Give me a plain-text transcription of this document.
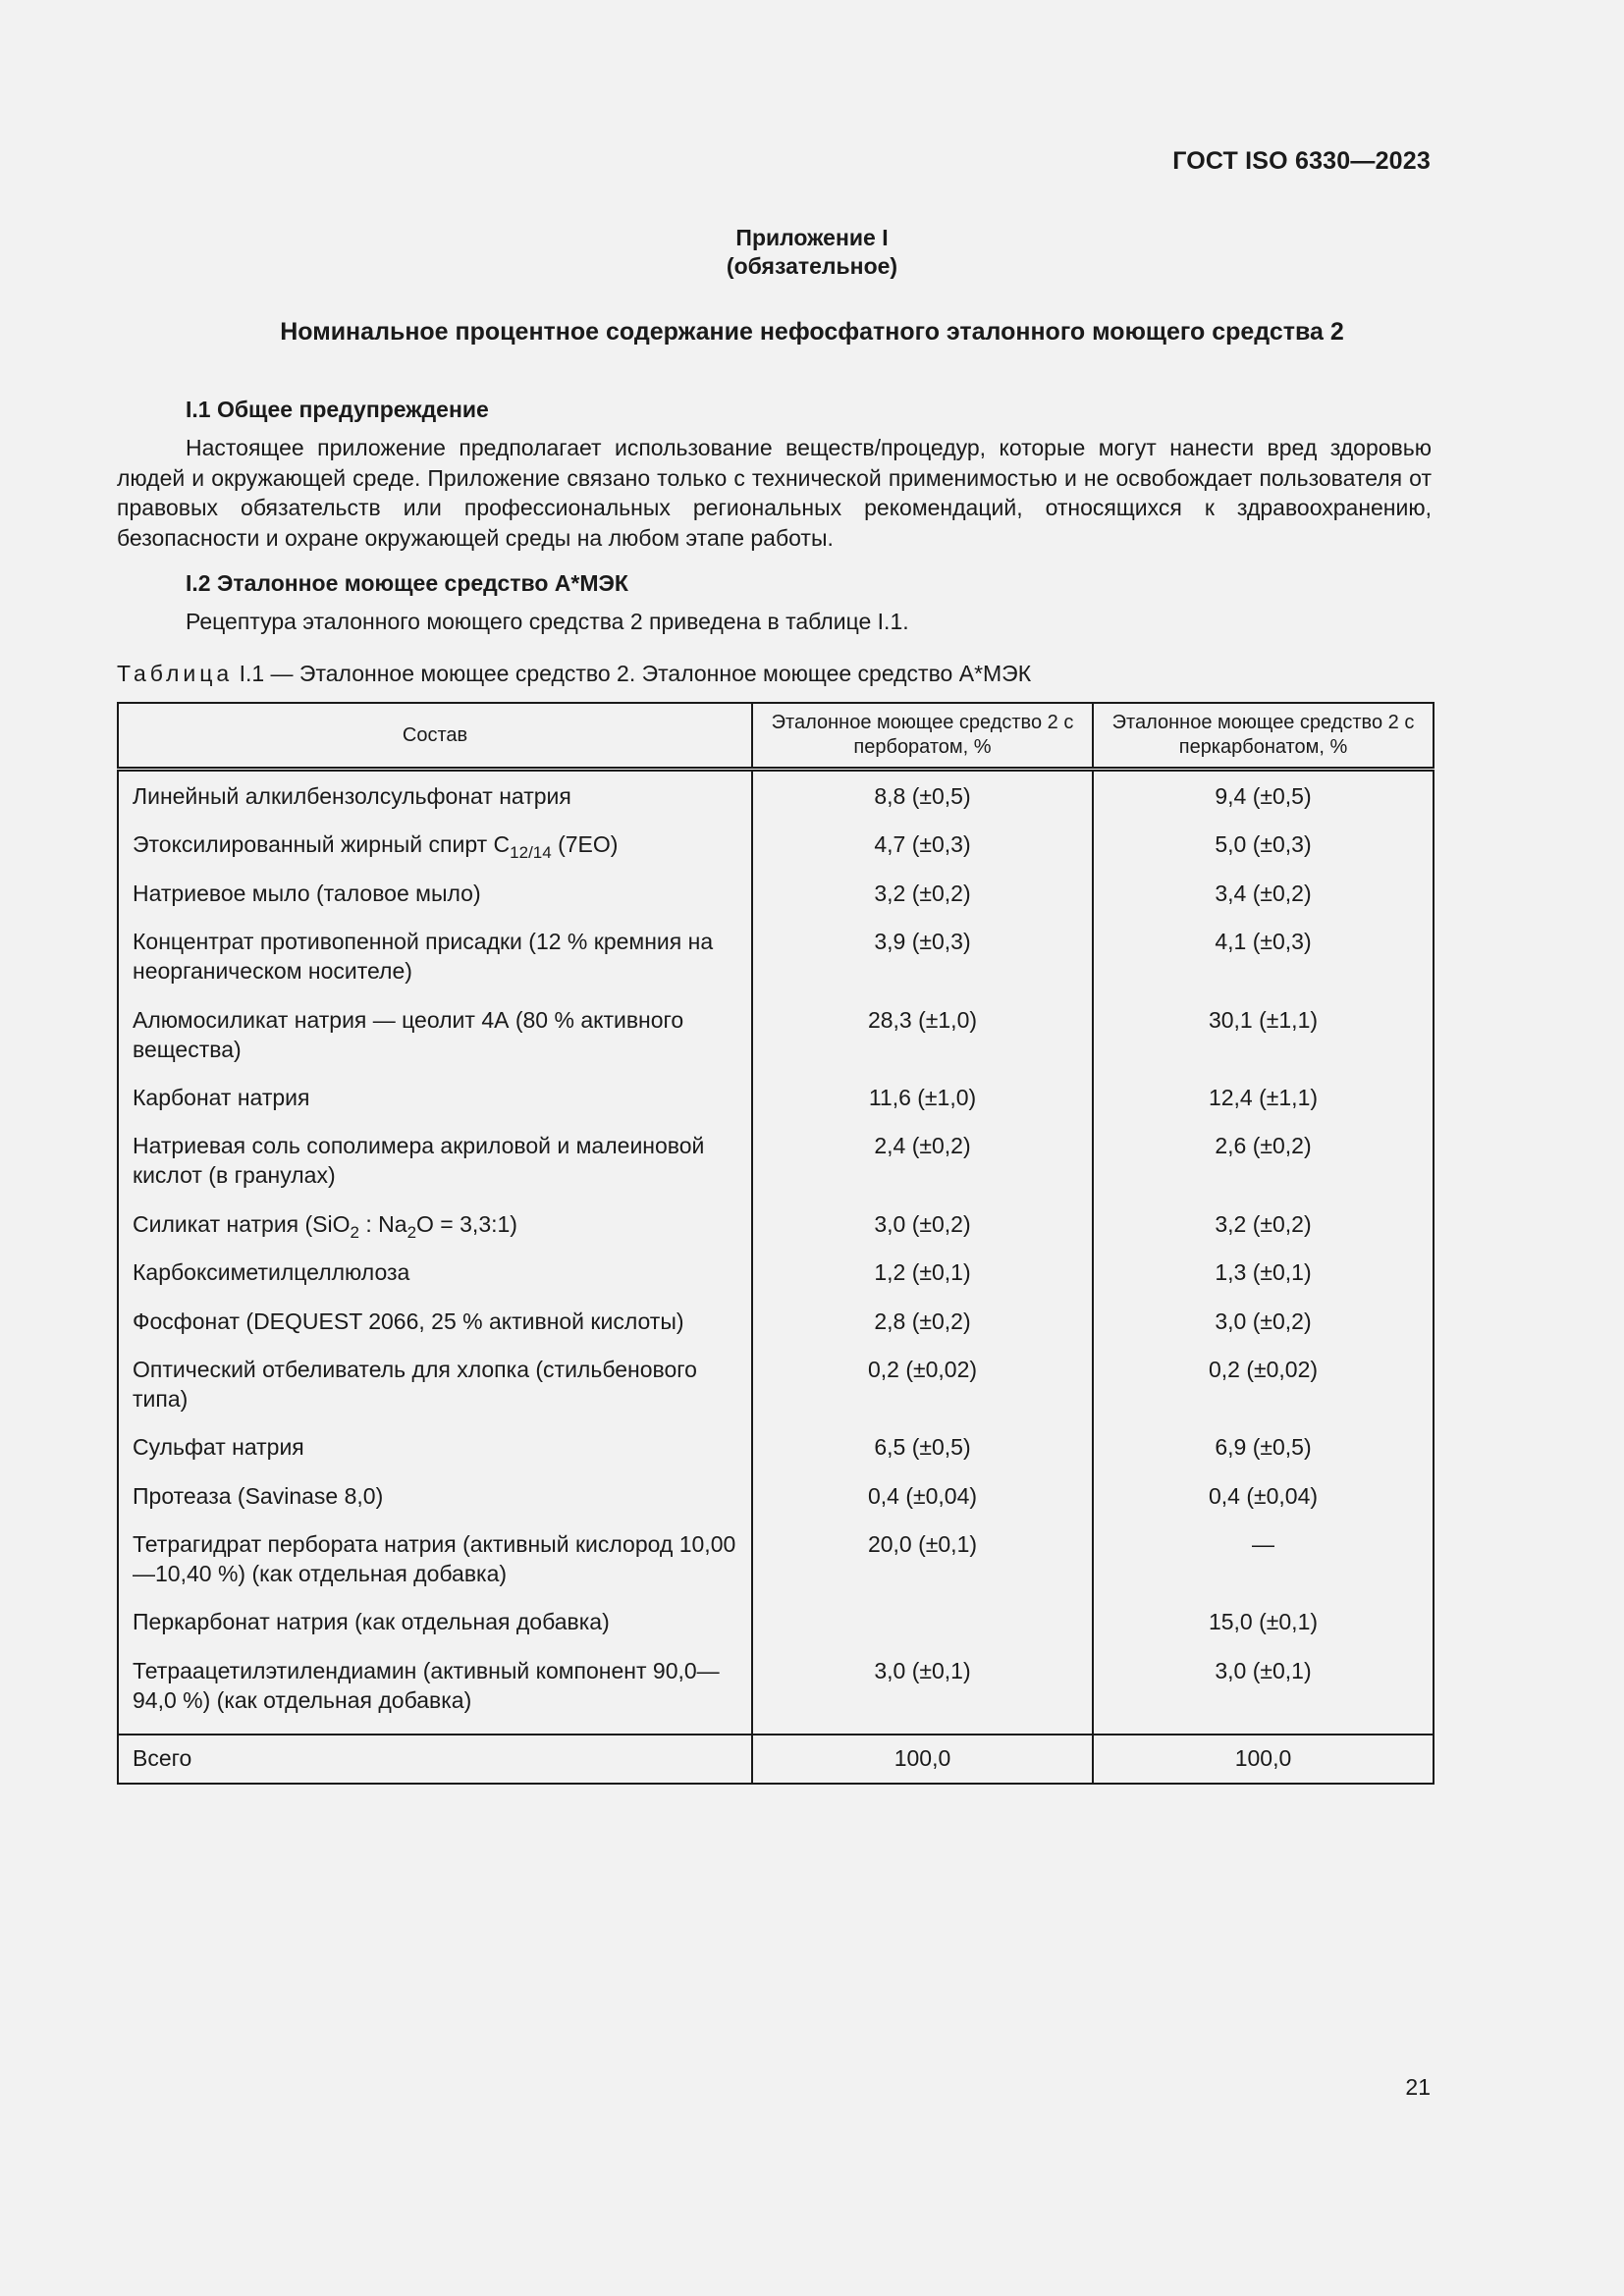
ГОСТ ISO 6330—2023
Приложение I
(обязательное)
Номинальное процентное содержание нефосфатного эталонного моющего средства 2
I.1 Общее предупреждение
Настоящее приложение предполагает использование веществ/процедур, которые могут нанести вред здоровью людей и окружающей среде. Приложение связано только с технической применимостью и не освобождает пользователя от правовых обязательств или профессиональных региональных рекомендаций, относящихся к здравоохранению, безопасности и охране окружающей среды на любом этапе работы.
I.2 Эталонное моющее средство А*МЭК
Рецептура эталонного моющего средства 2 приведена в таблице I.1.
Таблица I.1 — Эталонное моющее средство 2. Эталонное моющее средство А*МЭК
Состав	Эталонное моющее средство 2 с перборатом, %	Эталонное моющее средство 2 с перкарбонатом, %
Линейный алкилбензолсульфонат натрия	8,8 (±0,5)	9,4 (±0,5)
Этоксилированный жирный спирт $С_{12/14}$ (7ЕО)	4,7 (±0,3)	5,0 (±0,3)
Натриевое мыло (таловое мыло)	3,2 (±0,2)	3,4 (±0,2)
Концентрат противопенной присадки (12 % кремния на неорганическом носителе)	3,9 (±0,3)	4,1 (±0,3)
Алюмосиликат натрия — цеолит 4А (80 % активного вещества)	28,3 (±1,0)	30,1 (±1,1)
Карбонат натрия	11,6 (±1,0)	12,4 (±1,1)
Натриевая соль сополимера акриловой и малеиновой кислот (в гранулах)	2,4 (±0,2)	2,6 (±0,2)
Силикат натрия (SiO$_2$ : $Na_2O$ = 3,3:1)	3,0 (±0,2)	3,2 (±0,2)
Карбоксиметилцеллюлоза	1,2 (±0,1)	1,3 (±0,1)
Фосфонат (DEQUEST 2066, 25 % активной кислоты)	2,8 (±0,2)	3,0 (±0,2)
Оптический отбеливатель для хлопка (стильбенового типа)	0,2 (±0,02)	0,2 (±0,02)
Сульфат натрия	6,5 (±0,5)	6,9 (±0,5)
Протеаза (Savinase 8,0)	0,4 (±0,04)	0,4 (±0,04)
Тетрагидрат пербората натрия (активный кислород 10,00—10,40 %) (как отдельная добавка)	20,0 (±0,1)	—
Перкарбонат натрия (как отдельная добавка)		15,0 (±0,1)
Тетраацетилэтилендиамин (активный компонент 90,0—94,0 %) (как отдельная добавка)	3,0 (±0,1)	3,0 (±0,1)
Всего	100,0	100,0
21
